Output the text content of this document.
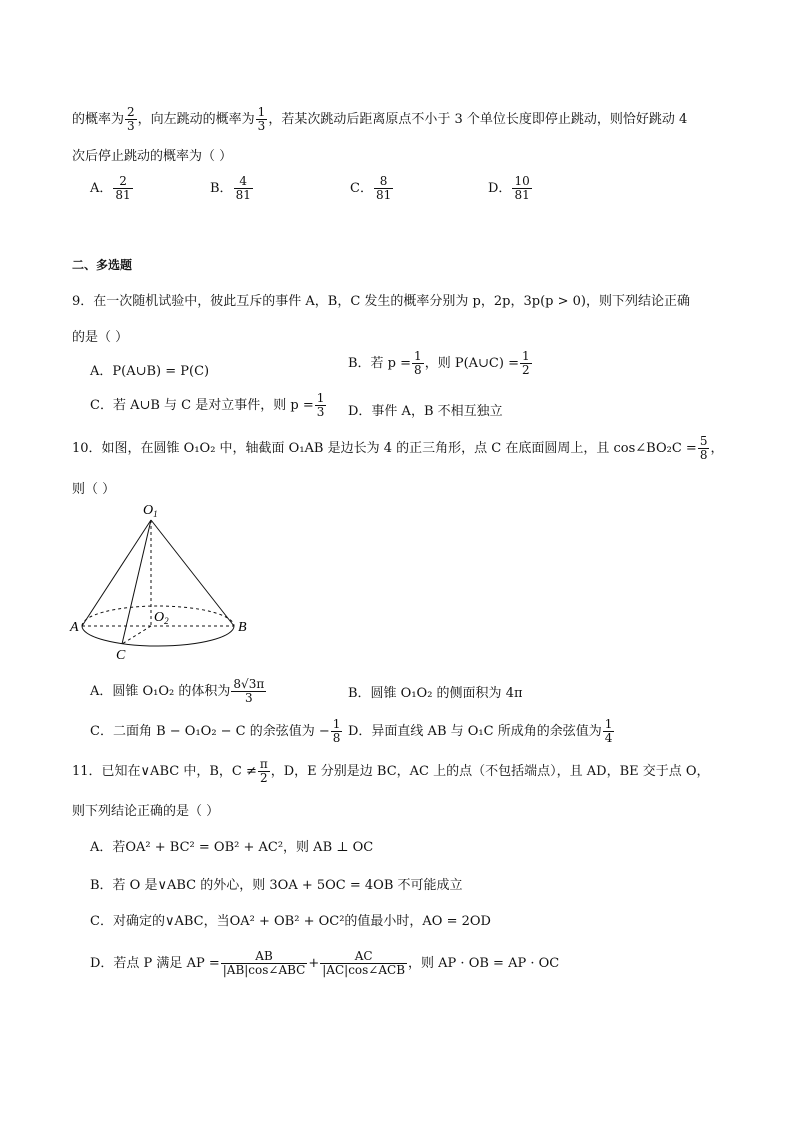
的概率为 $\frac{2}{3}$ ，向左跳动的概率为 $\frac{1}{3}$ ，若某次跳动后距离原点不小于 3 个单位长度即停止跳动，则恰好跳动 4
次后停止跳动的概率为（ ）
A． $\frac{2}{81}$	B． $\frac{4}{81}$	C． $\frac{8}{81}$	D． $\frac{10}{81}$
二、多选题
9．在一次随机试验中，彼此互斥的事件 A，B，C 发生的概率分别为 p，2p，3p(p > 0)，则下列结论正确
的是（ ）
A．P(A∪B) = P(C)
B．若 $p = \frac{1}{8}$ ，则 P(A∪C) = $\frac{1}{2}$
C．若 A∪B 与 C 是对立事件，则 $p = \frac{1}{3}$ D．事件 A，B 不相互独立
10．如图，在圆锥 O₁O₂ 中，轴截面 O₁AB 是边长为 4 的正三角形，点 C 在底面圆周上，且 cos∠BO₂C = $\frac{5}{8}$ ，
则（ ）
$O_1$
$O_2$
A	B
C
A．圆锥 O₁O₂ 的体积为 $\frac{8√3\pi}{3}$	B．圆锥 O₁O₂ 的侧面积为 4π
C．二面角 B − O₁O₂ − C 的余弦值为 − $\frac{1}{8}$ D．异面直线 AB 与 O₁C 所成角的余弦值为 $\frac{1}{4}$
11．已知在∨ABC 中，B，$C \ne \frac{\pi}{2}$ ，D，E 分别是边 BC，AC 上的点（不包括端点），且 AD，BE 交于点 O，
则下列结论正确的是（ ）
A．若OA² + BC² = OB² + AC²，则 AB ⊥ OC
B．若 O 是∨ABC 的外心，则 3OA + 5OC = 4OB 不可能成立
C．对确定的∨ABC，当OA² + OB² + OC²的值最小时，AO = 2OD
D．若点 P 满足 AP = $\frac{AB}{\text{|AB|cos∠ABC}} + \frac{AC}{\text{|AC|cos∠ACB}}$ ，则 AP · OB = AP · OC
